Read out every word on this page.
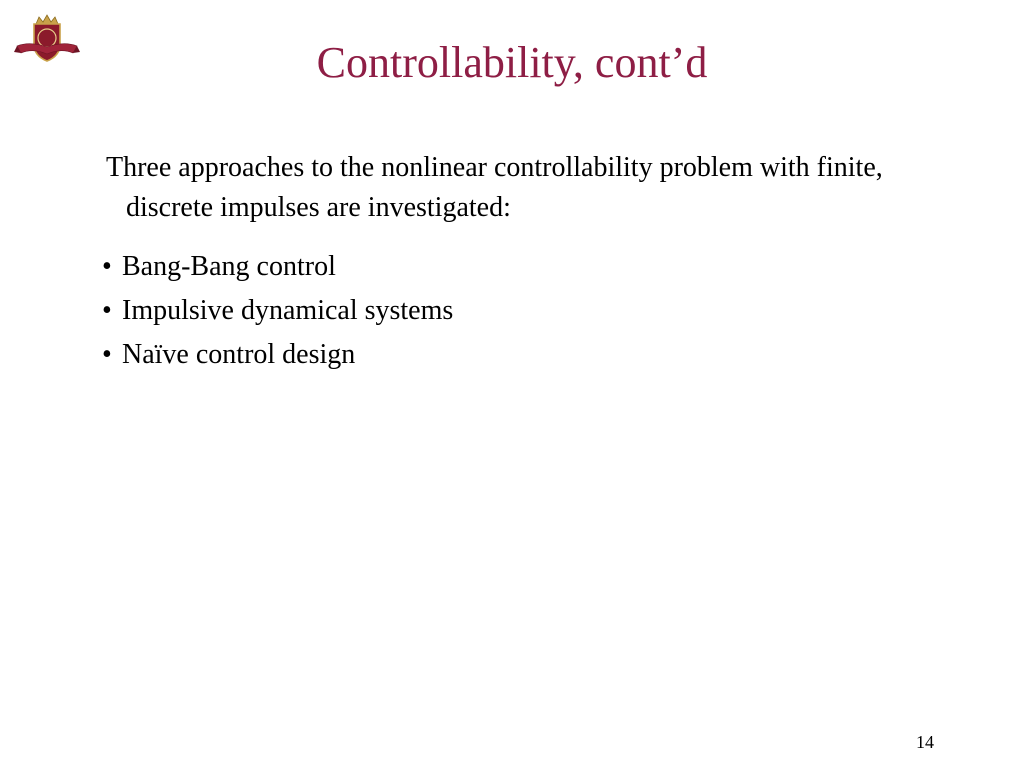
Controllability, cont’d
Three approaches to the nonlinear controllability problem with finite, discrete impulses are investigated:
• Bang-Bang control
• Impulsive dynamical systems
• Naïve control design
14
